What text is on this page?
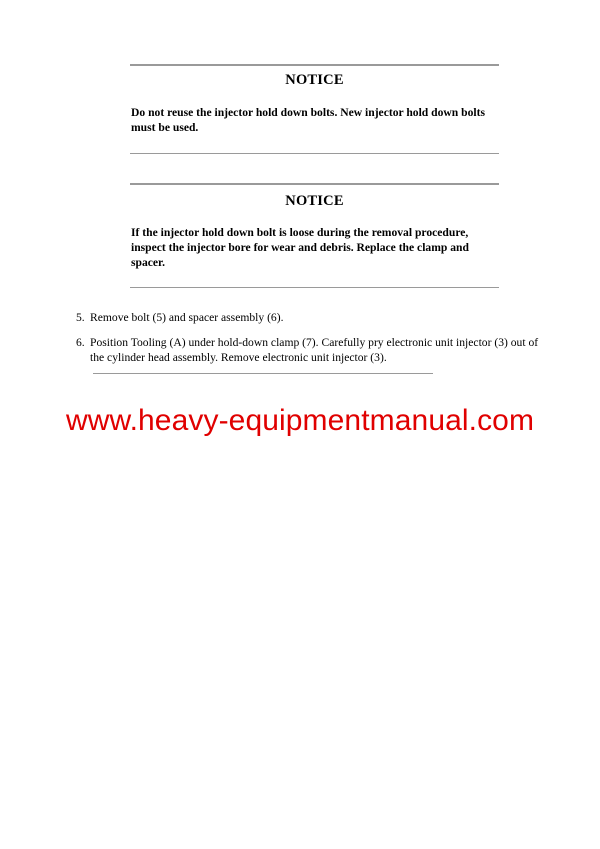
NOTICE
Do not reuse the injector hold down bolts. New injector hold down bolts must be used.
NOTICE
If the injector hold down bolt is loose during the removal procedure, inspect the injector bore for wear and debris. Replace the clamp and spacer.
5. Remove bolt (5) and spacer assembly (6).
6. Position Tooling (A) under hold-down clamp (7). Carefully pry electronic unit injector (3) out of the cylinder head assembly. Remove electronic unit injector (3).
www.heavy-equipmentmanual.com
